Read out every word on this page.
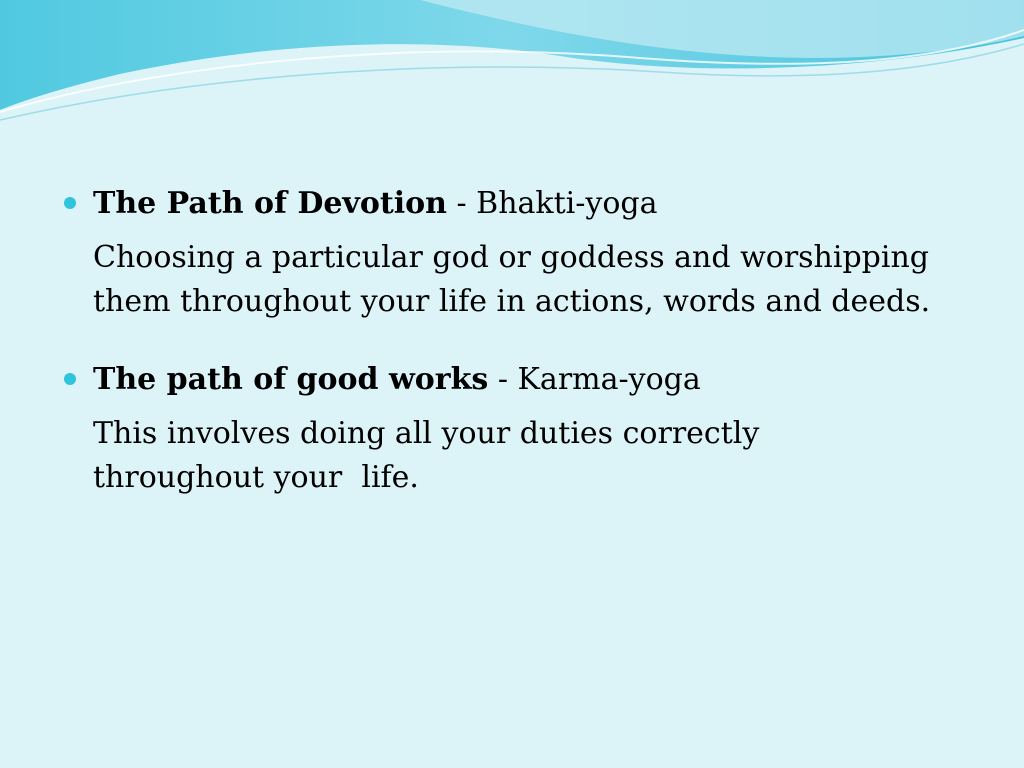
The Path of Devotion - Bhakti-yoga

Choosing a particular god or goddess and worshipping
them throughout your life in actions, words and deeds.

The path of good works - Karma-yoga

This involves doing all your duties correctly
throughout your  life.
